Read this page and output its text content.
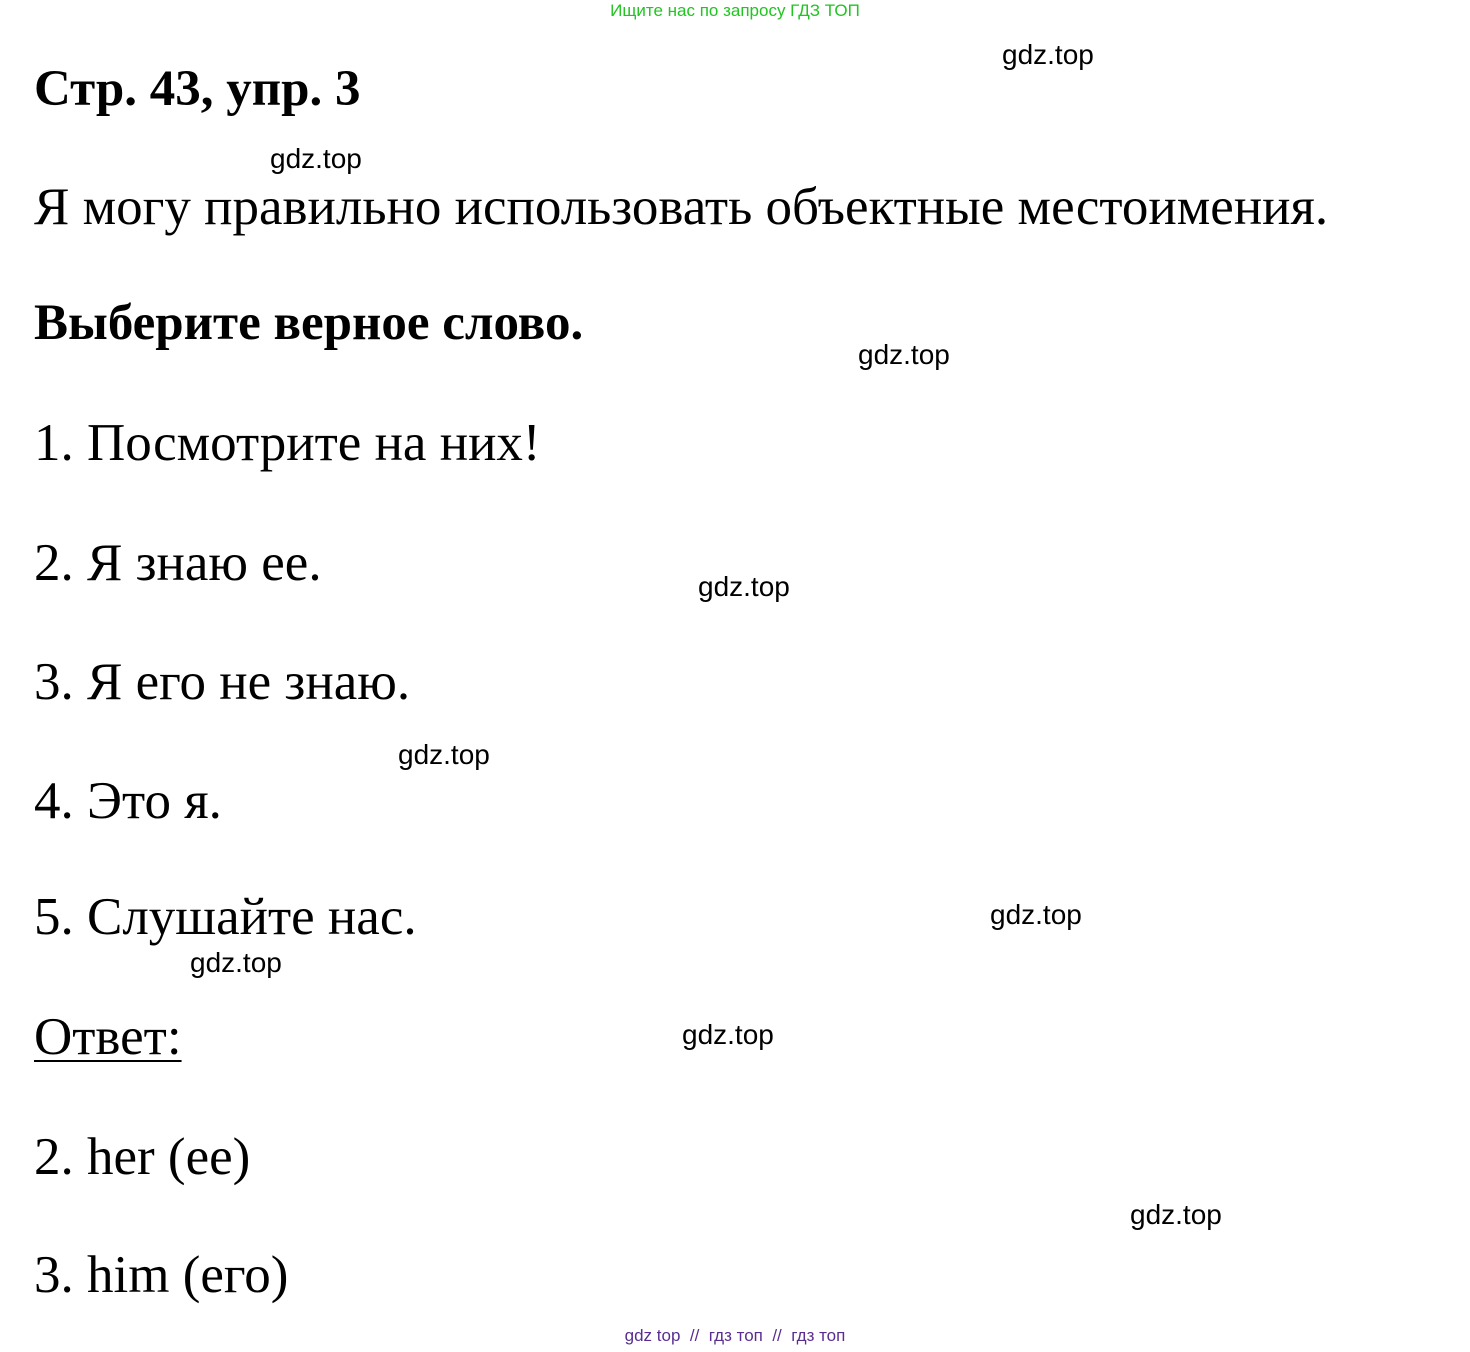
Ищите нас по запросу ГДЗ ТОП
Стр. 43, упр. 3
Я могу правильно использовать объектные местоимения.
Выберите верное слово.
1. Посмотрите на них!
2. Я знаю ее.
3. Я его не знаю.
4. Это я.
5. Слушайте нас.
Ответ:
2. her (ее)
3. him (его)
gdz.top
gdz.top
gdz.top
gdz.top
gdz.top
gdz.top
gdz.top
gdz.top
gdz.top
gdz top  //  гдз топ  //  гдз топ
